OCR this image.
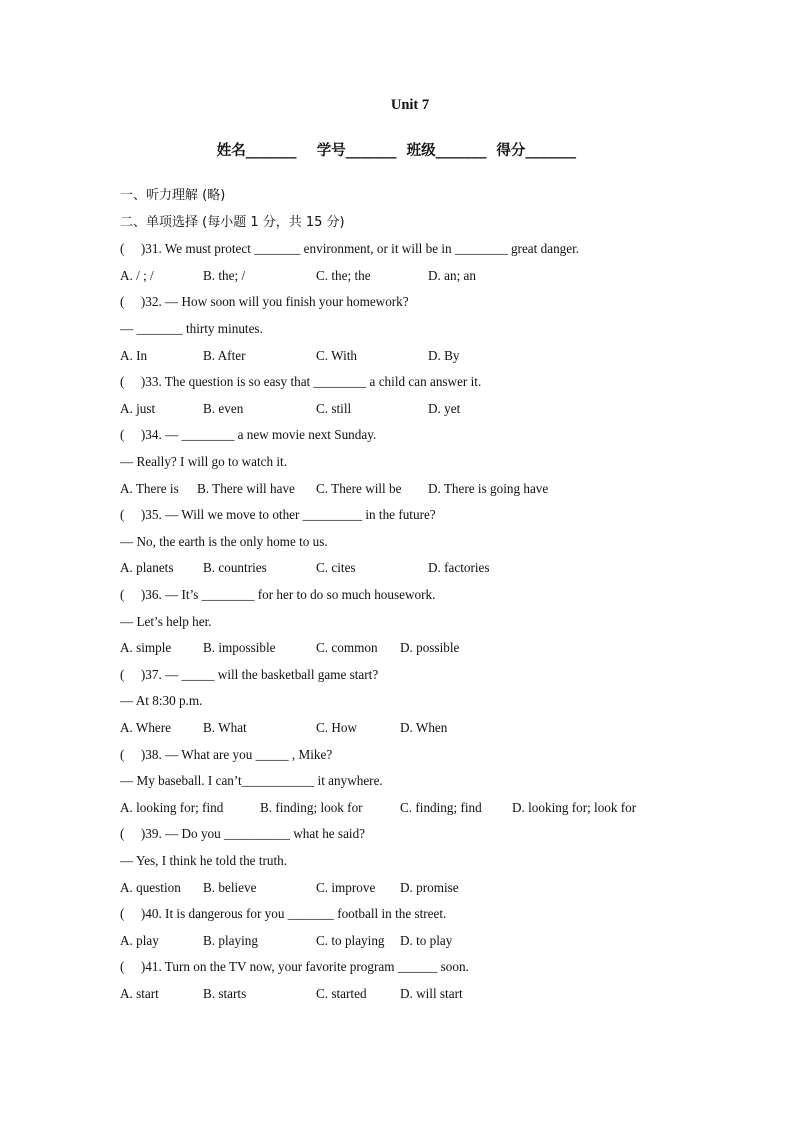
Unit 7
姓名_______    学号_______  班级_______  得分_______
一、听力理解 (略)
二、单项选择 (每小题 1 分，共 15 分)
(     )31. We must protect _______ environment, or it will be in ________ great danger.
A. / ; /	B. the; /	C. the; the	D. an; an
(     )32. — How soon will you finish your homework?
— _______ thirty minutes.
A. In	B. After	C. With	D. By
(     )33. The question is so easy that ________ a child can answer it.
A. just	B. even	C. still	D. yet
(     )34. — ________ a new movie next Sunday.
— Really? I will go to watch it.
A. There is B. There will have C. There will be D. There is going have
(     )35. — Will we move to other _________ in the future?
— No, the earth is the only home to us.
A. planets B. countries	C. cites	D. factories
(     )36. — It’s ________ for her to do so much housework.
— Let’s help her.
A. simple B. impossible	C. common D. possible
(     )37. — _____ will the basketball game start?
— At 8:30 p.m.
A. Where B. What	C. How	D. When
(     )38. — What are you _____ , Mike?
— My baseball. I can’t___________ it anywhere.
A. looking for; find	B. finding; look for	C. finding; find D. looking for; look for
(     )39. — Do you __________ what he said?
— Yes, I think he told the truth.
A. question B. believe	C. improve D. promise
(     )40. It is dangerous for you _______ football in the street.
A. play	B. playing	C. to playing D. to play
(     )41. Turn on the TV now, your favorite program ______ soon.
A. start	B. starts	C. started	D. will start
